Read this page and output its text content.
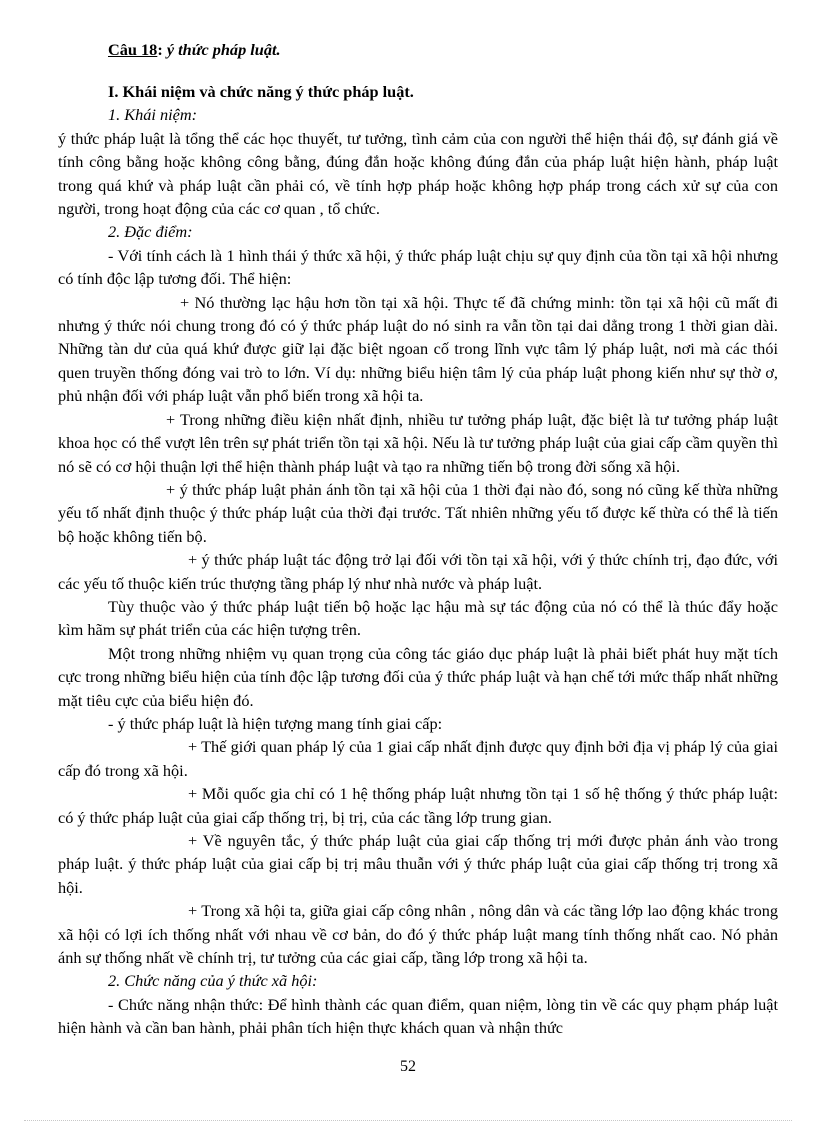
Câu 18: ý thức pháp luật.

I. Khái niệm và chức năng ý thức pháp luật.

1. Khái niệm:

ý thức pháp luật là tổng thể các học thuyết, tư tưởng, tình cảm của con người thể hiện thái độ, sự đánh giá về tính công bằng hoặc không công bằng, đúng đắn hoặc không đúng đắn của pháp luật hiện hành, pháp luật trong quá khứ và pháp luật cần phải có, về tính hợp pháp hoặc không hợp pháp trong cách xử sự của con người, trong hoạt động của các cơ quan , tổ chức.

2. Đặc điểm:

- Với tính cách là 1 hình thái ý thức xã hội, ý thức pháp luật chịu sự quy định của tồn tại xã hội nhưng có tính độc lập tương đối. Thể hiện:

+ Nó thường lạc hậu hơn tồn tại xã hội. Thực tế đã chứng minh: tồn tại xã hội cũ mất đi nhưng ý thức nói chung trong đó có ý thức pháp luật do nó sinh ra vẫn tồn tại dai dẳng trong 1 thời gian dài. Những tàn dư của quá khứ được giữ lại đặc biệt ngoan cố trong lĩnh vực tâm lý pháp luật, nơi mà các thói quen truyền thống đóng vai trò to lớn. Ví dụ: những biểu hiện tâm lý của pháp luật phong kiến như sự thờ ơ, phủ nhận đối với pháp luật vẫn phổ biến trong xã hội ta.

+ Trong những điều kiện nhất định, nhiều tư tưởng pháp luật, đặc biệt là tư tưởng pháp luật khoa học có thể vượt lên trên sự phát triển tồn tại xã hội. Nếu là tư tưởng pháp luật của giai cấp cầm quyền thì nó sẽ có cơ hội thuận lợi thể hiện thành pháp luật và tạo ra những tiến bộ trong đời sống xã hội.

+ ý thức pháp luật phản ánh tồn tại xã hội của 1 thời đại nào đó, song nó cũng kế thừa những yếu tố nhất định thuộc ý thức pháp luật của thời đại trước. Tất nhiên những yếu tố được kế thừa có thể là tiến bộ hoặc không tiến bộ.

+ ý thức pháp luật tác động trở lại đối với tồn tại xã hội, với ý thức chính trị, đạo đức, với các yếu tố thuộc kiến trúc thượng tầng pháp lý như nhà nước và pháp luật.

Tùy thuộc vào ý thức pháp luật tiến bộ hoặc lạc hậu mà sự tác động của nó có thể là thúc đẩy hoặc kìm hãm sự phát triển của các hiện tượng trên.

Một trong những nhiệm vụ quan trọng của công tác giáo dục pháp luật là phải biết phát huy mặt tích cực trong những biểu hiện của tính độc lập tương đối của ý thức pháp luật và hạn chế tới mức thấp nhất những mặt tiêu cực của biểu hiện đó.

- ý thức pháp luật là hiện tượng mang tính giai cấp:

+ Thế giới quan pháp lý của 1 giai cấp nhất định được quy định bởi địa vị pháp lý của giai cấp đó trong xã hội.

+ Mỗi quốc gia chỉ có 1 hệ thống pháp luật nhưng tồn tại 1 số hệ thống ý thức pháp luật: có ý thức pháp luật của giai cấp thống trị, bị trị, của các tầng lớp trung gian.

+ Về nguyên tắc, ý thức pháp luật của giai cấp thống trị mới được phản ánh vào trong pháp luật. ý thức pháp luật của giai cấp bị trị mâu thuẫn với ý thức pháp luật của giai cấp thống trị trong xã hội.

+ Trong xã hội ta, giữa giai cấp công nhân , nông dân và các tầng lớp lao động khác trong xã hội có lợi ích thống nhất với nhau về cơ bản, do đó ý thức pháp luật mang tính thống nhất cao. Nó phản ánh sự thống nhất về chính trị, tư tưởng của các giai cấp, tầng lớp trong xã hội ta.

2. Chức năng của ý thức xã hội:

- Chức năng nhận thức: Để hình thành các quan điểm, quan niệm, lòng tin về các quy phạm pháp luật hiện hành và cần ban hành, phải phân tích hiện thực khách quan và nhận thức

52
